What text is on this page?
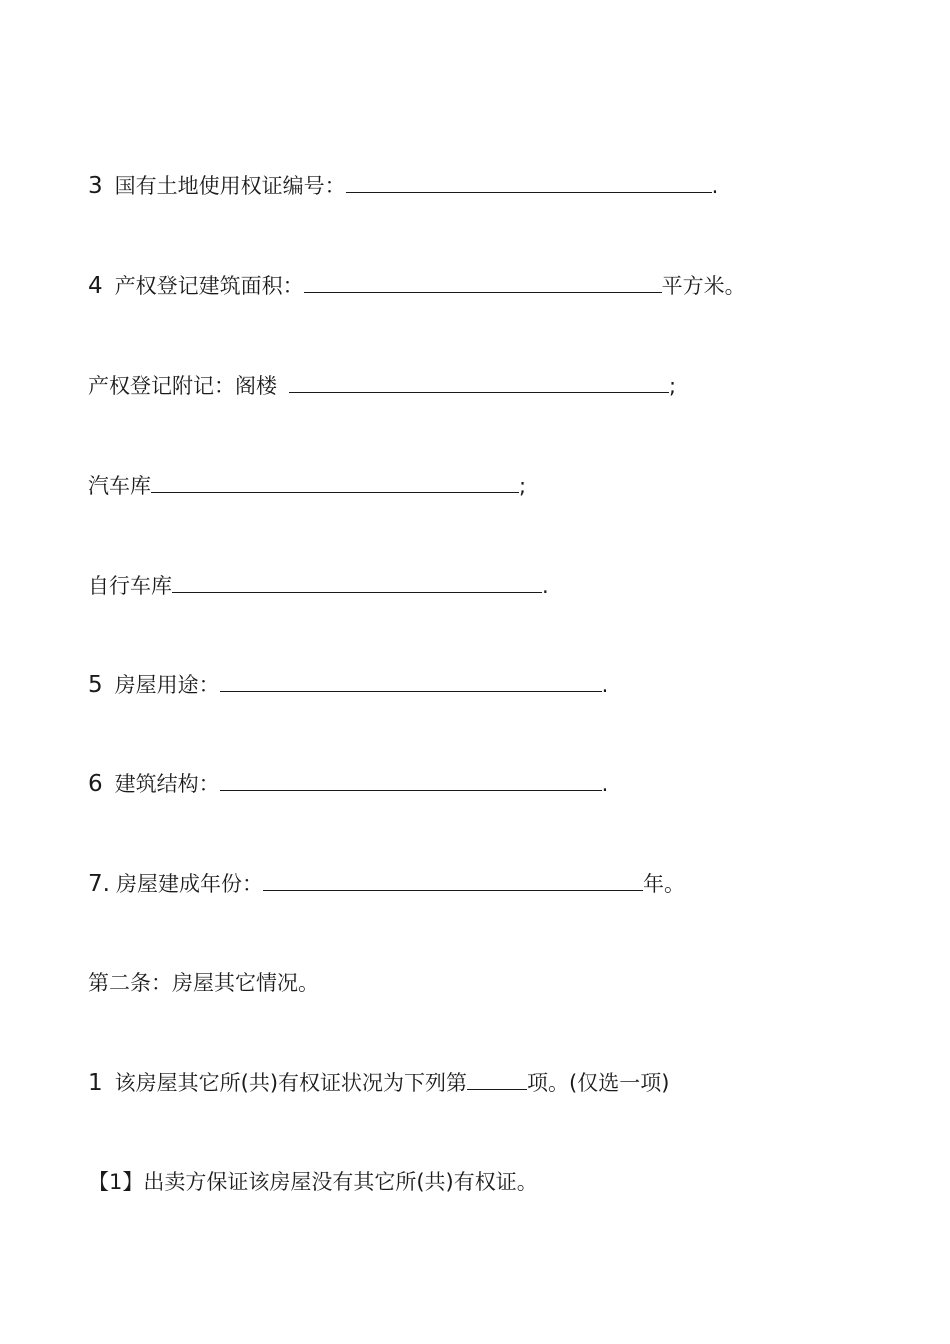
3 国有土地使用权证编号：	.
4 产权登记建筑面积：	平方米。
产权登记附记：阁楼	;
汽车库	;
自行车库	.
5 房屋用途：	.
6 建筑结构：	.
7. 房屋建成年份：	年。
第二条：房屋其它情况。
1 该房屋其它所(共)有权证状况为下列第	项。(仅选一项)
【1】出卖方保证该房屋没有其它所(共)有权证。
